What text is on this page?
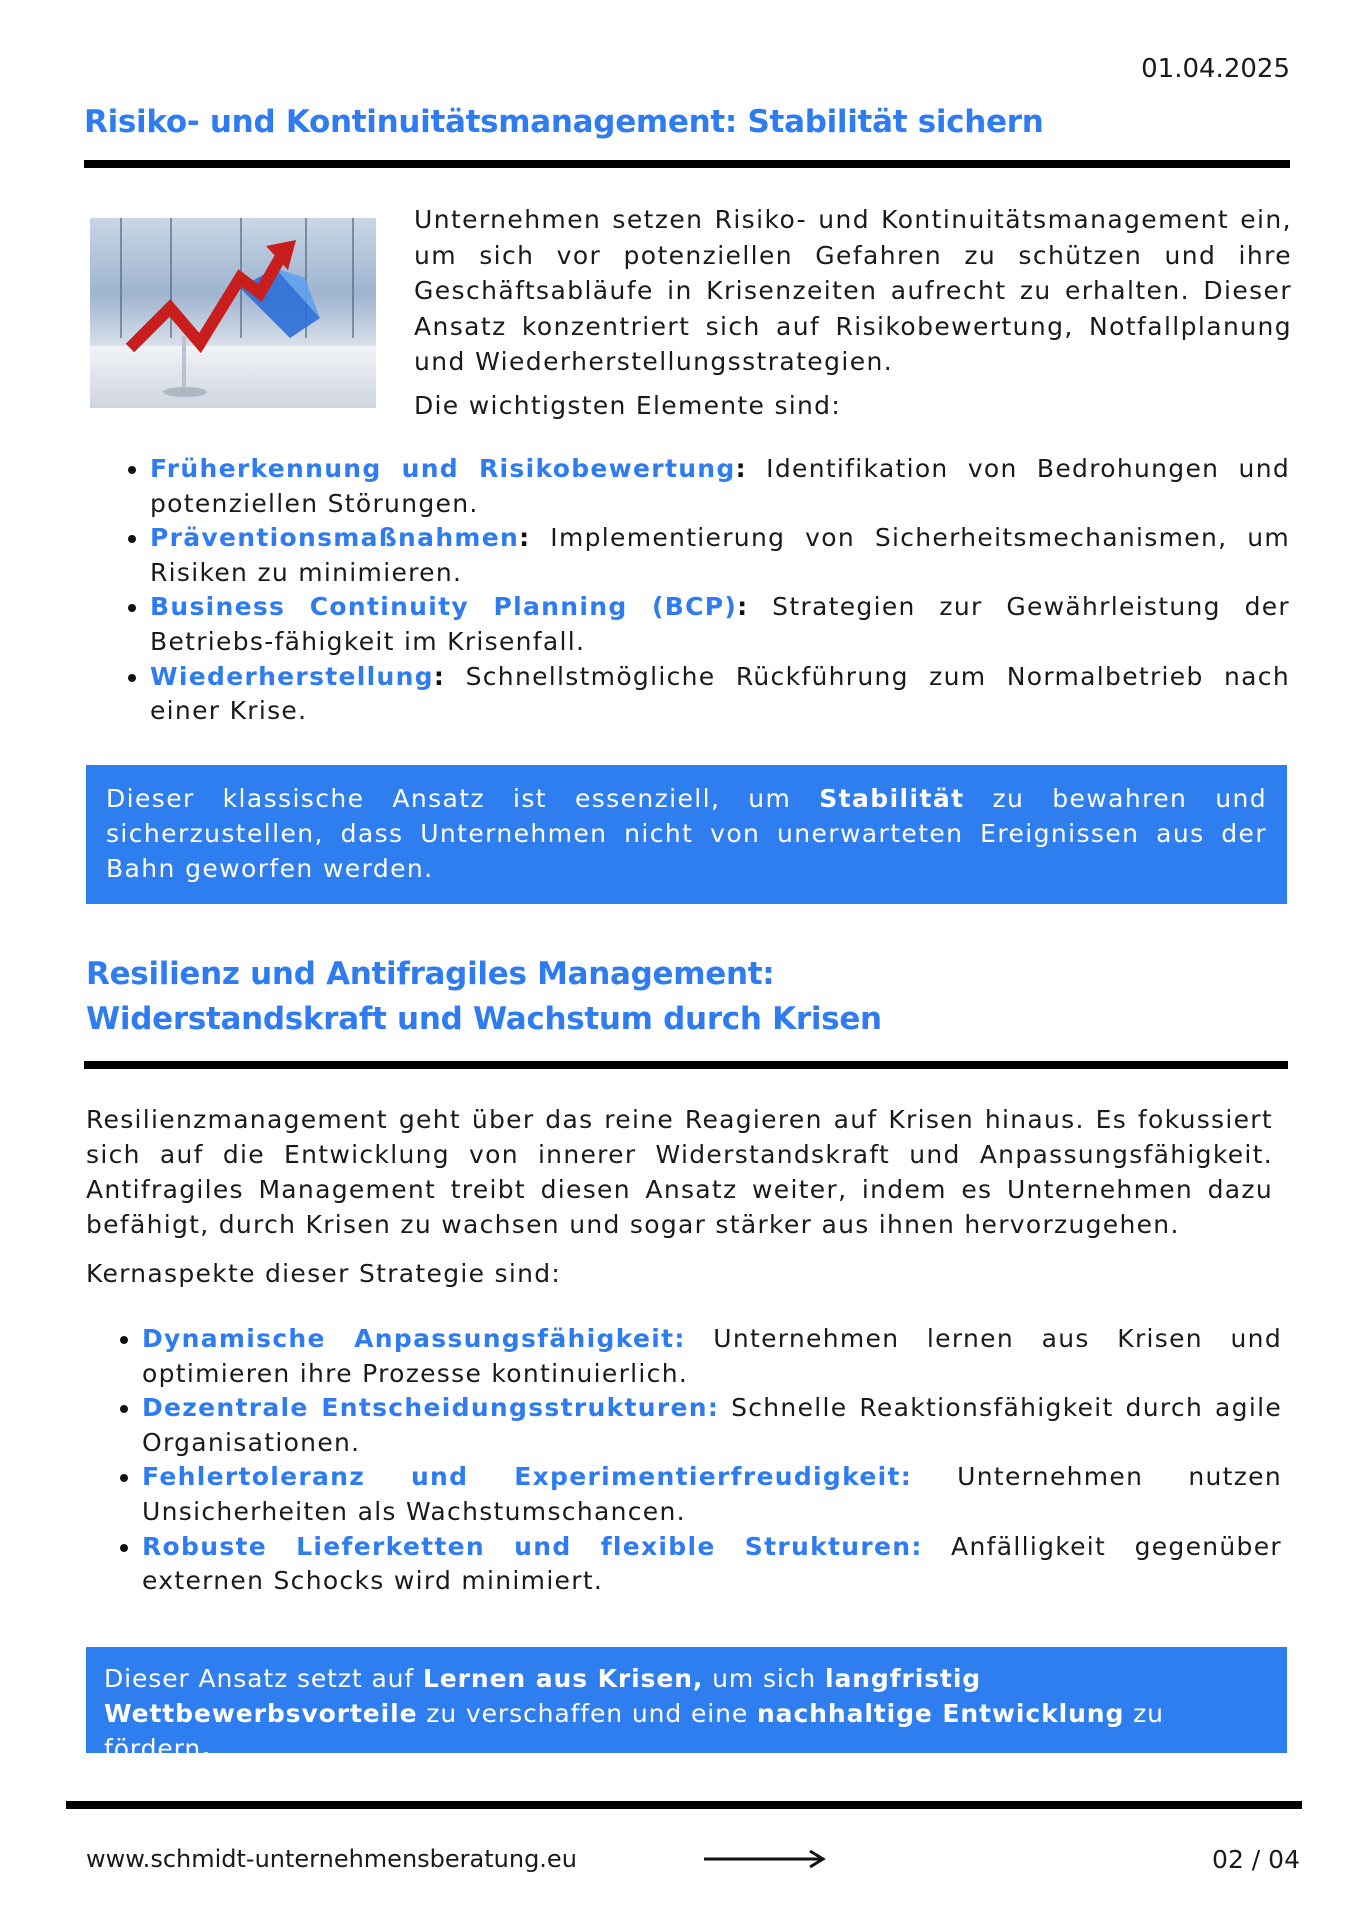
01.04.2025
Risiko- und Kontinuitätsmanagement: Stabilität sichern
Unternehmen setzen Risiko- und Kontinuitätsmanagement ein, um sich vor potenziellen Gefahren zu schützen und ihre Geschäftsabläufe in Krisenzeiten aufrecht zu erhalten. Dieser Ansatz konzentriert sich auf Risikobewertung, Notfallplanung und Wiederherstellungsstrategien.
Die wichtigsten Elemente sind:
Früherkennung und Risikobewertung: Identifikation von Bedrohungen und potenziellen Störungen.
Präventionsmaßnahmen: Implementierung von Sicherheitsmechanismen, um Risiken zu minimieren.
Business Continuity Planning (BCP): Strategien zur Gewährleistung der Betriebs-fähigkeit im Krisenfall.
Wiederherstellung: Schnellstmögliche Rückführung zum Normalbetrieb nach einer Krise.
Dieser klassische Ansatz ist essenziell, um Stabilität zu bewahren und sicherzustellen, dass Unternehmen nicht von unerwarteten Ereignissen aus der Bahn geworfen werden.
Resilienz und Antifragiles Management:
Widerstandskraft und Wachstum durch Krisen
Resilienzmanagement geht über das reine Reagieren auf Krisen hinaus. Es fokussiert sich auf die Entwicklung von innerer Widerstandskraft und Anpassungsfähigkeit. Antifragiles Management treibt diesen Ansatz weiter, indem es Unternehmen dazu befähigt, durch Krisen zu wachsen und sogar stärker aus ihnen hervorzugehen.
Kernaspekte dieser Strategie sind:
Dynamische Anpassungsfähigkeit: Unternehmen lernen aus Krisen und optimieren ihre Prozesse kontinuierlich.
Dezentrale Entscheidungsstrukturen: Schnelle Reaktionsfähigkeit durch agile Organisationen.
Fehlertoleranz und Experimentierfreudigkeit: Unternehmen nutzen Unsicherheiten als Wachstumschancen.
Robuste Lieferketten und flexible Strukturen: Anfälligkeit gegenüber externen Schocks wird minimiert.
Dieser Ansatz setzt auf Lernen aus Krisen, um sich langfristig Wettbewerbsvorteile zu verschaffen und eine nachhaltige Entwicklung zu fördern.
www.schmidt-unternehmensberatung.eu	02 / 04
